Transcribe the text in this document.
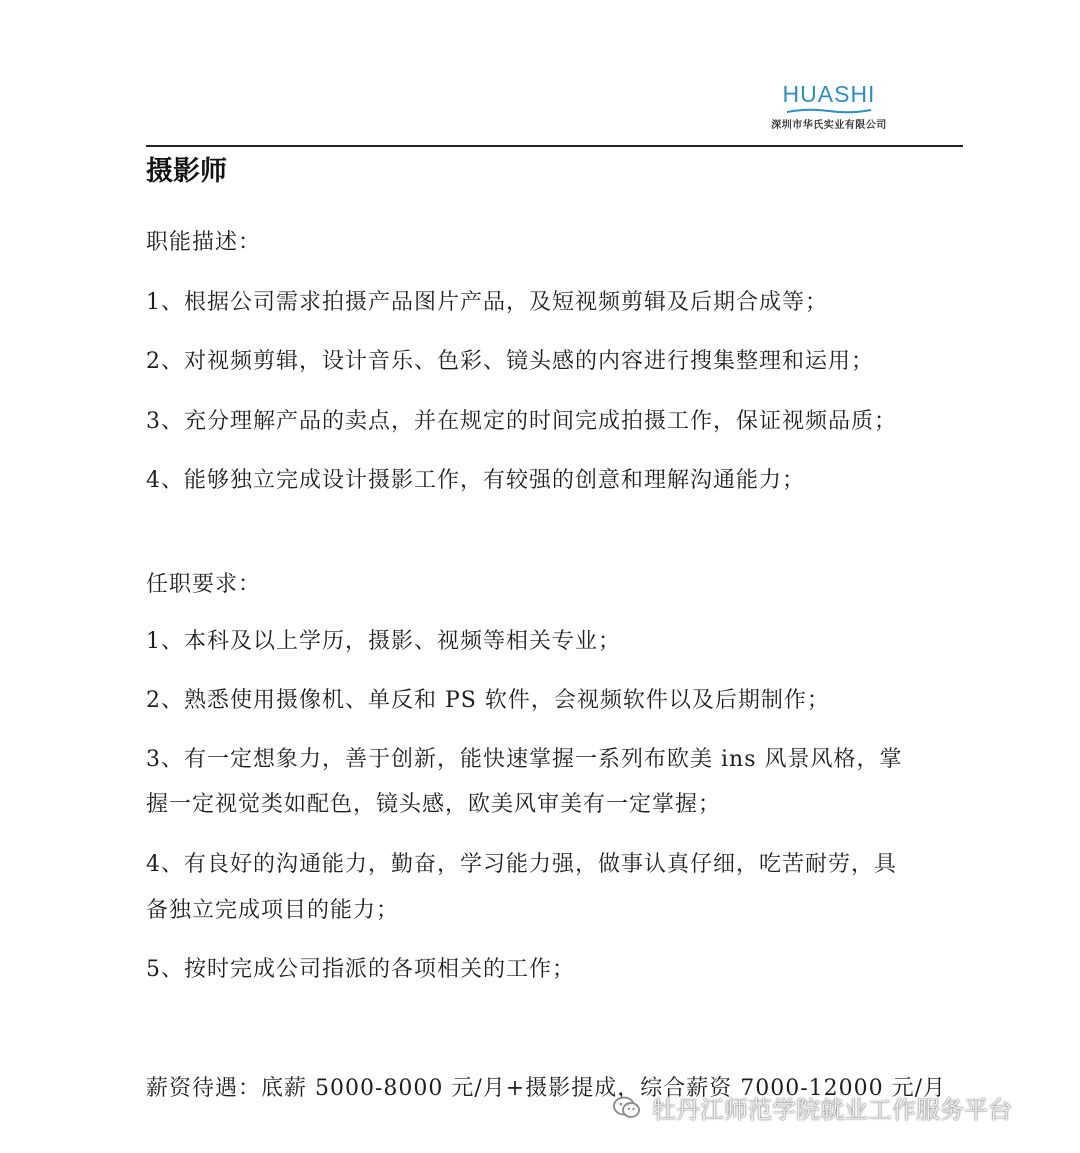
HUASHI
深圳市华氏实业有限公司
摄影师
职能描述：
1、根据公司需求拍摄产品图片产品，及短视频剪辑及后期合成等；
2、对视频剪辑，设计音乐、色彩、镜头感的内容进行搜集整理和运用；
3、充分理解产品的卖点，并在规定的时间完成拍摄工作，保证视频品质；
4、能够独立完成设计摄影工作，有较强的创意和理解沟通能力；
任职要求：
1、本科及以上学历，摄影、视频等相关专业；
2、熟悉使用摄像机、单反和 PS 软件，会视频软件以及后期制作；
3、有一定想象力，善于创新，能快速掌握一系列布欧美 ins 风景风格，掌
握一定视觉类如配色，镜头感，欧美风审美有一定掌握；
4、有良好的沟通能力，勤奋，学习能力强，做事认真仔细，吃苦耐劳，具
备独立完成项目的能力；
5、按时完成公司指派的各项相关的工作；
薪资待遇：底薪 5000-8000 元/月+摄影提成，综合薪资 7000-12000 元/月
牡丹江师范学院就业工作服务平台
